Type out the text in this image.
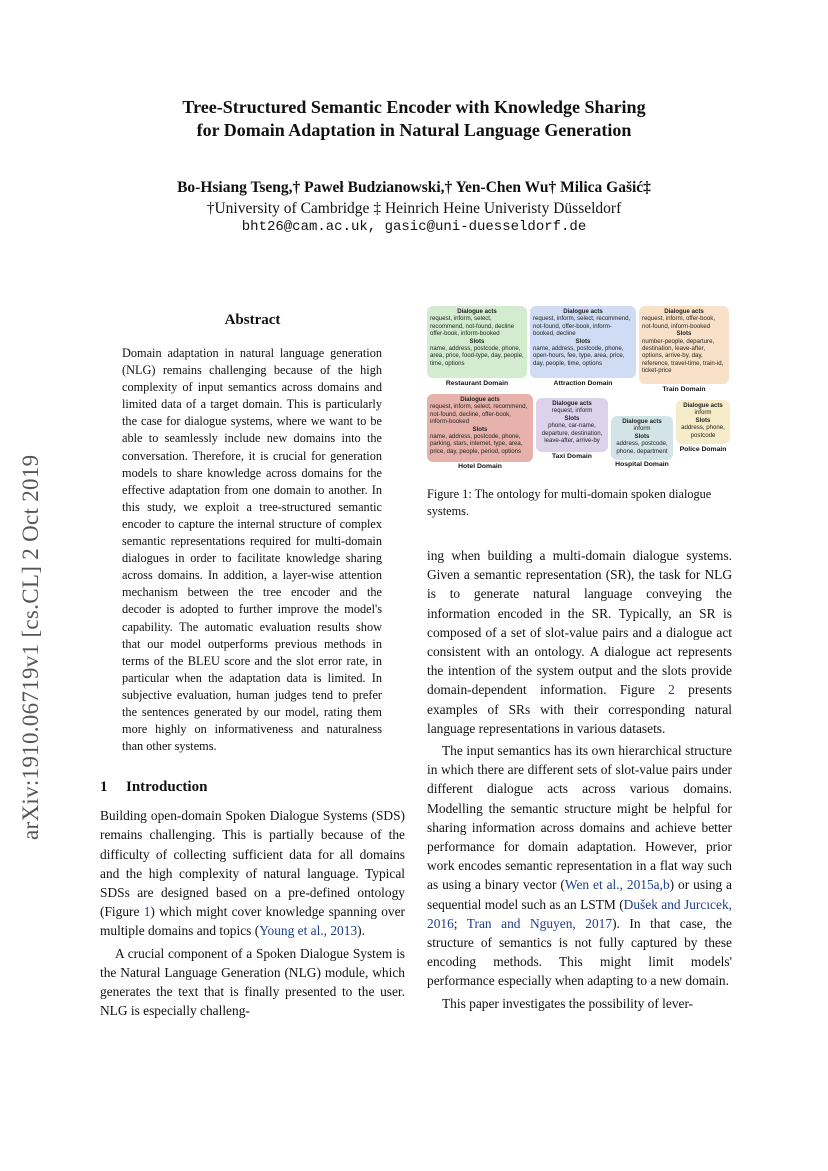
Tree-Structured Semantic Encoder with Knowledge Sharing
for Domain Adaptation in Natural Language Generation
Bo-Hsiang Tseng,† Paweł Budzianowski,† Yen-Chen Wu† Milica Gašić‡
†University of Cambridge ‡ Heinrich Heine Univeristy Düsseldorf
bht26@cam.ac.uk, gasic@uni-duesseldorf.de
arXiv:1910.06719v1 [cs.CL] 2 Oct 2019
Abstract

Domain adaptation in natural language generation (NLG) remains challenging because of the high complexity of input semantics across domains and limited data of a target domain. This is particularly the case for dialogue systems, where we want to be able to seamlessly include new domains into the conversation. Therefore, it is crucial for generation models to share knowledge across domains for the effective adaptation from one domain to another. In this study, we exploit a tree-structured semantic encoder to capture the internal structure of complex semantic representations required for multi-domain dialogues in order to facilitate knowledge sharing across domains. In addition, a layer-wise attention mechanism between the tree encoder and the decoder is adopted to further improve the model's capability. The automatic evaluation results show that our model outperforms previous methods in terms of the BLEU score and the slot error rate, in particular when the adaptation data is limited. In subjective evaluation, human judges tend to prefer the sentences generated by our model, rating them more highly on informativeness and naturalness than other systems.

1 Introduction

Building open-domain Spoken Dialogue Systems (SDS) remains challenging. This is partially because of the difficulty of collecting sufficient data for all domains and the high complexity of natural language. Typical SDSs are designed based on a pre-defined ontology (Figure 1) which might cover knowledge spanning over multiple domains and topics (Young et al., 2013).

A crucial component of a Spoken Dialogue System is the Natural Language Generation (NLG) module, which generates the text that is finally presented to the user. NLG is especially challeng-

Dialogue acts
request, inform, select, recommend, not-found, decline offer-book, inform-booked
Slots
name, address, postcode, phone, area, price, food-type, day, people, time, options
Restaurant Domain
Dialogue acts
request, inform, select, recommend, not-found, offer-book, inform-booked, decline
Slots
name, address, postcode, phone, open-hours, fee, type, area, price, day, people, time, options
Attraction Domain
Dialogue acts
request, inform, offer-book, not-found, inform-booked
Slots
number-people, departure, destination, leave-after, options, arrive-by, day, reference, travel-time, train-id, ticket-price
Train Domain
Dialogue acts
request, inform, select, recommend, not-found, decline, offer-book, inform-booked
Slots
name, address, postcode, phone, parking, stars, internet, type, area, price, day, people, period, options
Hotel Domain
Dialogue acts
request, inform
Slots
phone, car-name, departure, destination, leave-after, arrive-by
Taxi Domain
Dialogue acts
inform
Slots
address, postcode, phone, department
Hospital Domain
Dialogue acts
inform
Slots
address, phone, postcode
Police Domain
Figure 1: The ontology for multi-domain spoken dialogue systems.

ing when building a multi-domain dialogue systems. Given a semantic representation (SR), the task for NLG is to generate natural language conveying the information encoded in the SR. Typically, an SR is composed of a set of slot-value pairs and a dialogue act consistent with an ontology. A dialogue act represents the intention of the system output and the slots provide domain-dependent information. Figure 2 presents examples of SRs with their corresponding natural language representations in various datasets.

The input semantics has its own hierarchical structure in which there are different sets of slot-value pairs under different dialogue acts across various domains. Modelling the semantic structure might be helpful for sharing information across domains and achieve better performance for domain adaptation. However, prior work encodes semantic representation in a flat way such as using a binary vector (Wen et al., 2015a,b) or using a sequential model such as an LSTM (Dušek and Jurcıcek, 2016; Tran and Nguyen, 2017). In that case, the structure of semantics is not fully captured by these encoding methods. This might limit models' performance especially when adapting to a new domain.

This paper investigates the possibility of lever-
